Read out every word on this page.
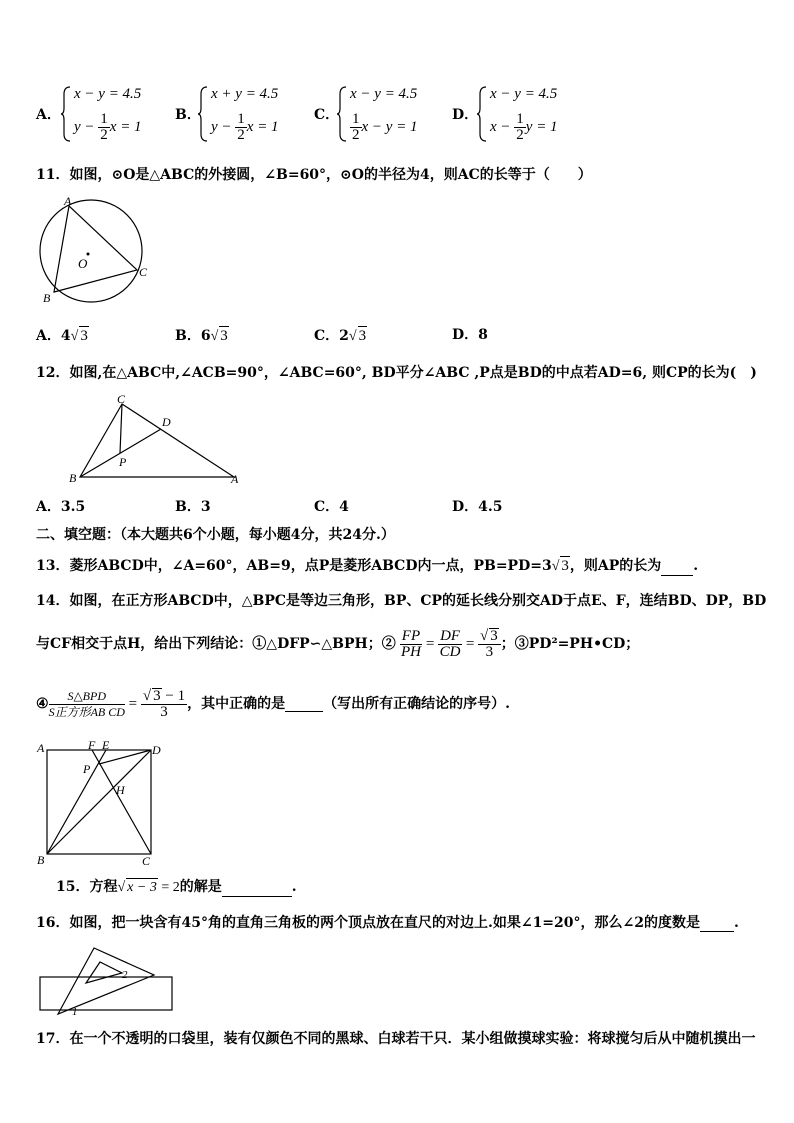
A．
x − y = 4.5
$y - \frac{1}{2}$ x = 1
B．
x + y = 4.5
$y - \frac{1}{2}$ x = 1
C．
x − y = 4.5
$\frac{1}{2}$ x − y = 1
D．
x − y = 4.5
$x - \frac{1}{2}$ y = 1
11．如图，⊙O是△ABC的外接圆，∠B=60°，⊙O的半径为4，则AC的长等于（　　）
A
B
C
O
A．4√ 3	B．6√ 3	C．2√ 3	D．8
12．如图,在△ABC中,∠ACB=90°，∠ABC=60°, BD平分∠ABC ,P点是BD的中点若AD=6, 则CP的长为(　)
C
D
P
B	A
A．3.5	B．3	C．4	D．4.5
二、填空题：（本大题共6个小题，每小题4分，共24分.）
13．菱形ABCD中，∠A=60°，AB=9，点P是菱形ABCD内一点，PB=PD=3√ 3，则AP的长为 .
14．如图，在正方形ABCD中，△BPC是等边三角形，BP、CP的延长线分别交AD于点E、F，连结BD、DP，BD
与CF相交于点H，给出下列结论：①△DFP∽△BPH；② $\frac{FP}{PH} = \frac{DF}{CD} = \frac{√ 3}{3}$ ；③PD²=PH•CD；
④ $\frac{\text{S△BPD}}{\text{S正方形AB CD}} = \frac{√ 3 - 1}{3}$ ，其中正确的是	（写出所有正确结论的序号）.
A	F E	D
P
H
B	C
15．方程√ x − 3 = 2的解是	.
16．如图，把一块含有45°角的直角三角板的两个顶点放在直尺的对边上.如果∠1=20°，那么∠2的度数是 .
1
2
17．在一个不透明的口袋里，装有仅颜色不同的黑球、白球若干只．某小组做摸球实验：将球搅匀后从中随机摸出一
